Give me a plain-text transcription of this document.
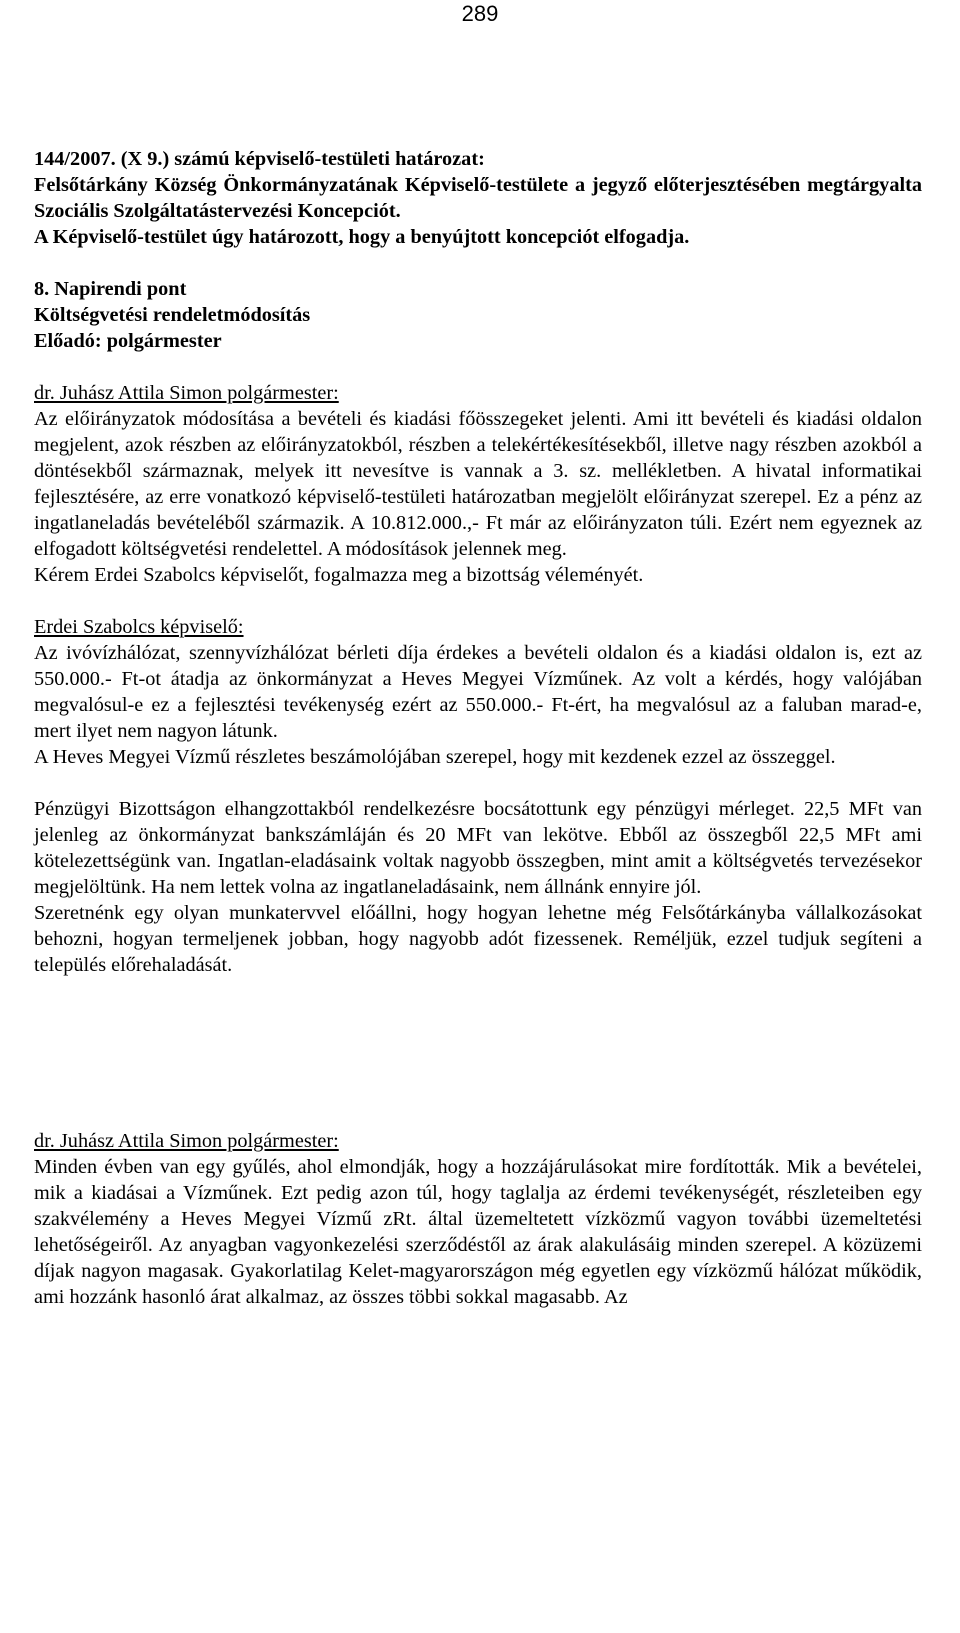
289

144/2007. (X 9.) számú képviselő-testületi határozat:

Felsőtárkány Község Önkormányzatának Képviselő-testülete a jegyző előterjesztésében megtárgyalta Szociális Szolgáltatástervezési Koncepciót.

A Képviselő-testület úgy határozott, hogy a benyújtott koncepciót elfogadja.

8. Napirendi pont

Költségvetési rendeletmódosítás

Előadó: polgármester

dr. Juhász Attila Simon polgármester:

Az előirányzatok módosítása a bevételi és kiadási főösszegeket jelenti. Ami itt bevételi és kiadási oldalon megjelent, azok részben az előirányzatokból, részben a telekértékesítésekből, illetve nagy részben azokból a döntésekből származnak, melyek itt nevesítve is vannak a 3. sz. mellékletben. A hivatal informatikai fejlesztésére, az erre vonatkozó képviselő-testületi határozatban megjelölt előirányzat szerepel. Ez a pénz az ingatlaneladás bevételéből származik. A 10.812.000.,- Ft már az előirányzaton túli. Ezért nem egyeznek az elfogadott költségvetési rendelettel. A módosítások jelennek meg.

Kérem Erdei Szabolcs képviselőt, fogalmazza meg a bizottság véleményét.

Erdei Szabolcs képviselő:

Az ivóvízhálózat, szennyvízhálózat bérleti díja érdekes a bevételi oldalon és a kiadási oldalon is, ezt az 550.000.- Ft-ot átadja az önkormányzat a Heves Megyei Vízműnek. Az volt a kérdés, hogy valójában megvalósul-e ez a fejlesztési tevékenység ezért az 550.000.- Ft-ért, ha megvalósul az a faluban marad-e, mert ilyet nem nagyon látunk.

A Heves Megyei Vízmű részletes beszámolójában szerepel, hogy mit kezdenek ezzel az összeggel.

Pénzügyi Bizottságon elhangzottakból rendelkezésre bocsátottunk egy pénzügyi mérleget. 22,5 MFt van jelenleg az önkormányzat bankszámláján és 20 MFt van lekötve. Ebből az összegből 22,5 MFt ami kötelezettségünk van. Ingatlan-eladásaink voltak nagyobb összegben, mint amit a költségvetés tervezésekor megjelöltünk. Ha nem lettek volna az ingatlaneladásaink, nem állnánk ennyire jól.

Szeretnénk egy olyan munkatervvel előállni, hogy hogyan lehetne még Felsőtárkányba vállalkozásokat behozni, hogyan termeljenek jobban, hogy nagyobb adót fizessenek. Reméljük, ezzel tudjuk segíteni a település előrehaladását.

dr. Juhász Attila Simon polgármester:

Minden évben van egy gyűlés, ahol elmondják, hogy a hozzájárulásokat mire fordították. Mik a bevételei, mik a kiadásai a Vízműnek. Ezt pedig azon túl, hogy taglalja az érdemi tevékenységét, részleteiben egy szakvélemény a Heves Megyei Vízmű zRt. által üzemeltetett vízközmű vagyon további üzemeltetési lehetőségeiről. Az anyagban vagyonkezelési szerződéstől az árak alakulásáig minden szerepel. A közüzemi díjak nagyon magasak. Gyakorlatilag Kelet-magyarországon még egyetlen egy vízközmű hálózat működik, ami hozzánk hasonló árat alkalmaz, az összes többi sokkal magasabb. Az
